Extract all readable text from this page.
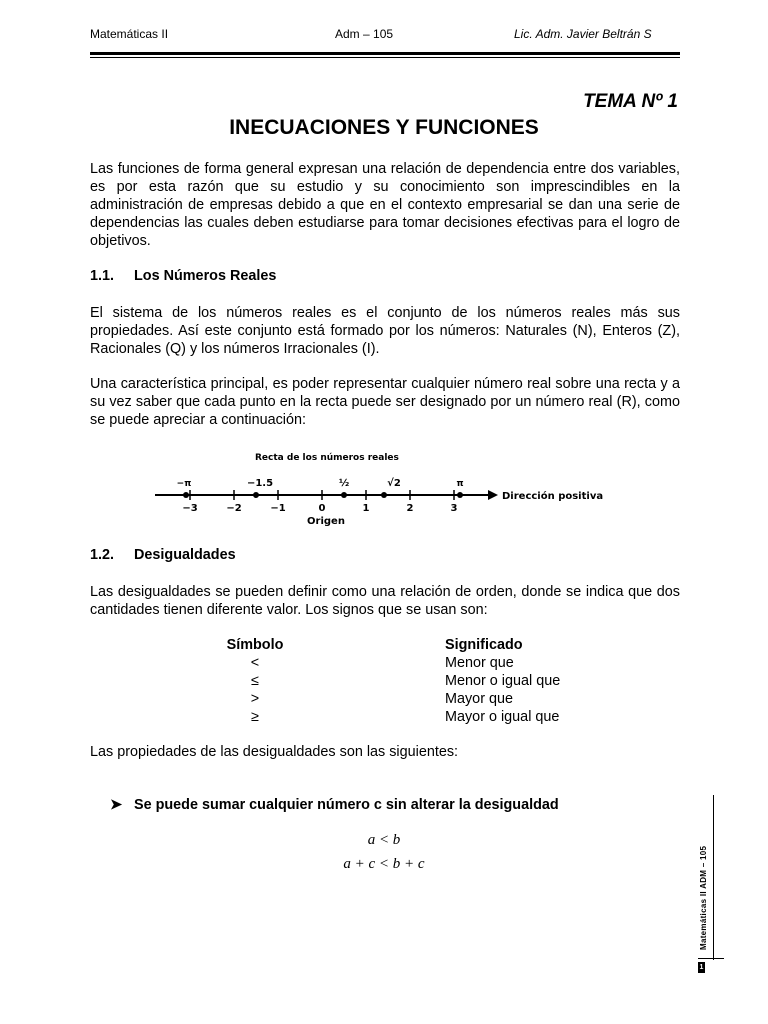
Matemáticas II	Adm – 105	Lic. Adm. Javier Beltrán S
TEMA Nº 1
INECUACIONES Y FUNCIONES

Las funciones de forma general expresan una relación de dependencia entre dos variables, es por esta razón que su estudio y su conocimiento son imprescindibles en la administración de empresas debido a que en el contexto empresarial se dan una serie de dependencias las cuales deben estudiarse para tomar decisiones efectivas para el logro de objetivos.

1.1. Los Números Reales

El sistema de los números reales es el conjunto de los números reales más sus propiedades. Así este conjunto está formado por los números: Naturales (N), Enteros (Z), Racionales (Q) y los números Irracionales (I).

Una característica principal, es poder representar cualquier número real sobre una recta y a su vez saber que cada punto en la recta puede ser designado por un número real (R), como se puede apreciar a continuación:

Recta de los números reales
Dirección positiva
−3	−2	−1	0	1	2	3
−π	−1.5	½	√2	π
Origen
1.2. Desigualdades

Las desigualdades se pueden definir como una relación de orden, donde se indica que dos cantidades tienen diferente valor. Los signos que se usan son:

Símbolo	Significado
<	Menor que
≤	Menor o igual que
>	Mayor que
≥	Mayor o igual que

Las propiedades de las desigualdades son las siguientes:

➤ Se puede sumar cualquier número c sin alterar la desigualdad
a < b
a + c < b + c	Matemáticas II ADM – 105
1
